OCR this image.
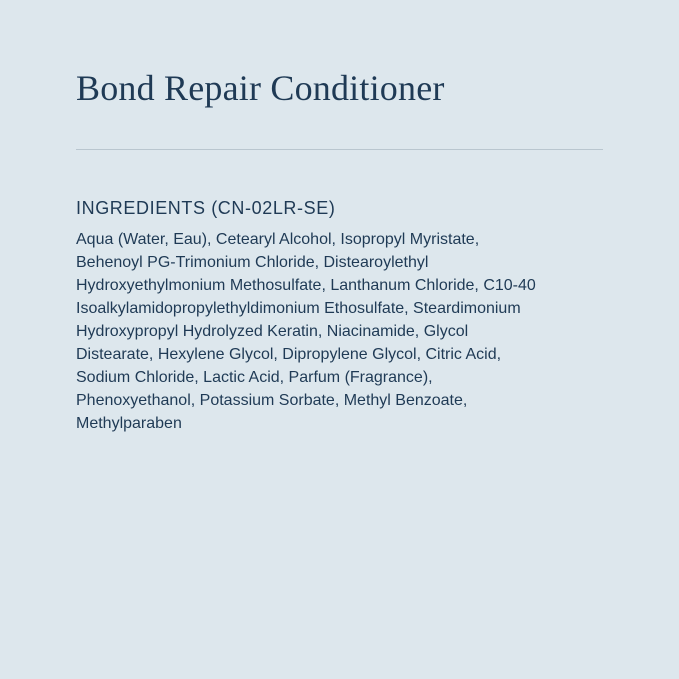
Bond Repair Conditioner
INGREDIENTS (CN-02LR-SE)

Aqua (Water, Eau), Cetearyl Alcohol, Isopropyl Myristate,
Behenoyl PG-Trimonium Chloride, Distearoylethyl
Hydroxyethylmonium Methosulfate, Lanthanum Chloride, C10-40
Isoalkylamidopropylethyldimonium Ethosulfate, Steardimonium
Hydroxypropyl Hydrolyzed Keratin, Niacinamide, Glycol
Distearate, Hexylene Glycol, Dipropylene Glycol, Citric Acid,
Sodium Chloride, Lactic Acid, Parfum (Fragrance),
Phenoxyethanol, Potassium Sorbate, Methyl Benzoate,
Methylparaben
